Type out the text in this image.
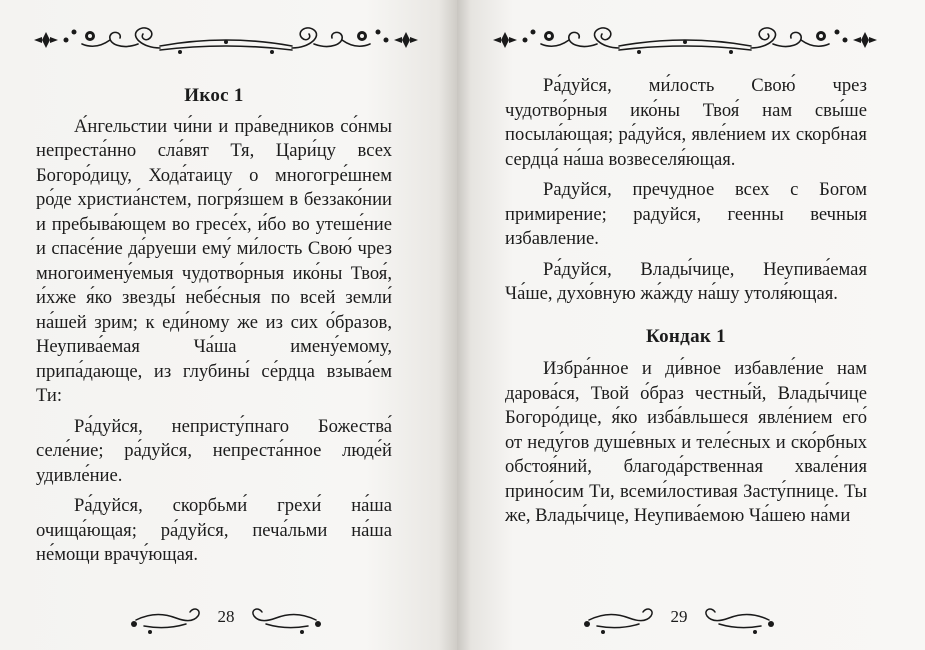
Икос 1

А́нгельстии чи́ни и пра́ведников со́нмы непреста́нно сла́вят Тя, Цари́цу всех Богоро́дицу, Хода́таицу о многогре́шнем ро́де христиа́нстем, погря́зшем в беззако́нии и пребыва́ющем во гресе́х, и́бо во утеше́ние и спасе́ние да́руеши ему́ ми́лость Свою́ чрез многоимену́емыя чудотво́рныя ико́ны Твоя́, и́хже я́ко звезды́ небе́сныя по всей земли́ на́шей зрим; к еди́ному же из сих о́бразов, Неупива́емая Ча́ша имену́емому, припа́дающе, из глубины́ се́рдца взыва́ем Ти:

Ра́дуйся, непристу́пнаго Божества́ селе́ние; ра́дуйся, непреста́нное люде́й удивле́ние.

Ра́дуйся, скорбьми́ грехи́ на́ша очища́ющая; ра́дуйся, печа́льми на́ша не́мощи врачу́ющая.

28

Ра́дуйся, ми́лость Свою́ чрез чудотво́рныя ико́ны Твоя́ нам свы́ше посыла́ющая; ра́дуйся, явле́нием их скорбная сердца́ на́ша возвеселя́ющая.

Радуйся, пречудное всех с Богом примирение; радуйся, геенны вечныя избавление.

Ра́дуйся, Влады́чице, Неупива́емая Ча́ше, духо́вную жа́жду на́шу утоля́ющая.

Кондак 1

Избра́нное и ди́вное избавле́ние нам дарова́ся, Твой о́браз честны́й, Влады́чице Богоро́дице, я́ко изба́вльшеся явле́нием его́ от неду́гов душе́вных и теле́сных и ско́рбных обстоя́ний, благода́рственная хвале́ния прино́сим Ти, всеми́лостивая Засту́пнице. Ты же, Влады́чице, Неупива́емою Ча́шею на́ми

29
